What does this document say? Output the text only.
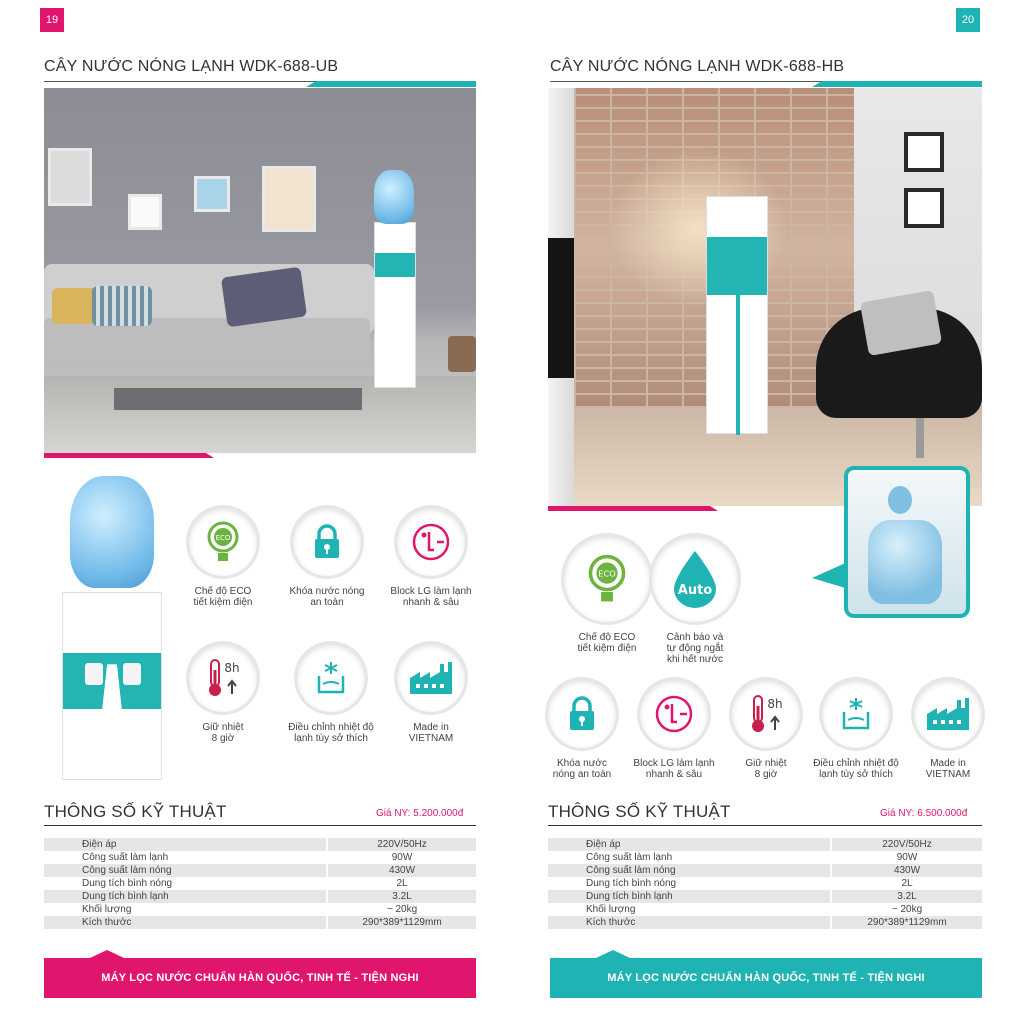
19
CÂY NƯỚC NÓNG LẠNH WDK-688-UB
ECO
Chế độ ECO
tiết kiệm điện
Khóa nước nóng
an toàn
Block LG làm lạnh
nhanh & sâu
8h
Giữ nhiệt
8 giờ
Điều chỉnh nhiệt độ
lạnh tùy sở thích
Made in
VIETNAM
THÔNG SỐ KỸ THUẬT	Giá NY: 5.200.000đ
Điện áp	220V/50Hz
Công suất làm lạnh	90W
Công suất làm nóng	430W
Dung tích bình nóng	2L
Dung tích bình lạnh	3.2L
Khối lượng	~ 20kg
Kích thước	290*389*1129mm
MÁY LỌC NƯỚC CHUẨN HÀN QUỐC, TINH TẾ - TIỆN NGHI
20
CÂY NƯỚC NÓNG LẠNH WDK-688-HB
ECO
Chế độ ECO
tiết kiệm điện
Auto
Cảnh báo và
tự động ngắt
khi hết nước
Khóa nước
nóng an toàn
Block LG làm lạnh
nhanh & sâu
8h
Giữ nhiệt
8 giờ
Điều chỉnh nhiệt độ
lạnh tùy sở thích
Made in
VIETNAM
THÔNG SỐ KỸ THUẬT	Giá NY: 6.500.000đ
Điện áp	220V/50Hz
Công suất làm lạnh	90W
Công suất làm nóng	430W
Dung tích bình nóng	2L
Dung tích bình lạnh	3.2L
Khối lượng	~ 20kg
Kích thước	290*389*1129mm
MÁY LỌC NƯỚC CHUẨN HÀN QUỐC, TINH TẾ - TIỆN NGHI
